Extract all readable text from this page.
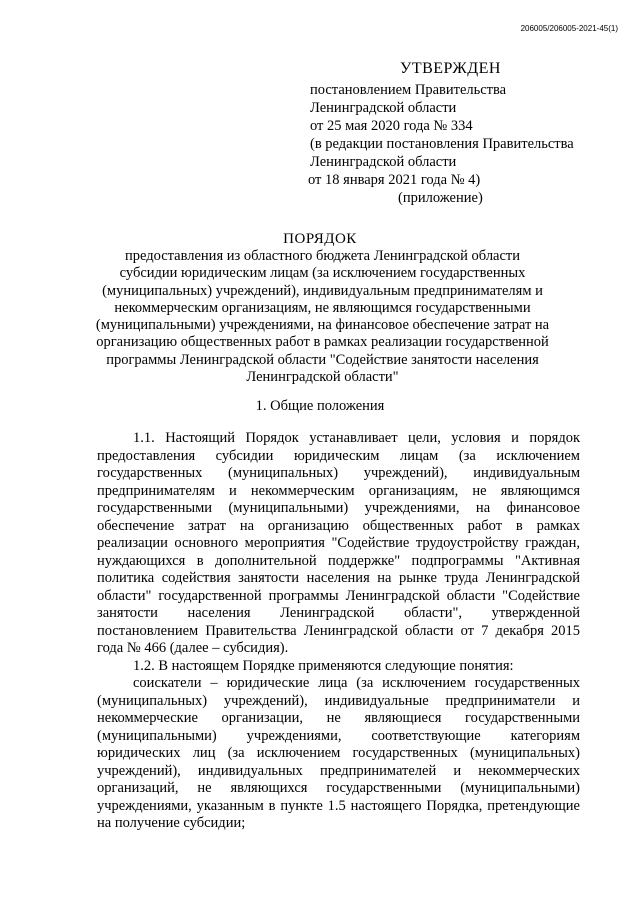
206005/206005-2021-45(1)
УТВЕРЖДЕН
постановлением Правительства
Ленинградской области
от 25 мая 2020 года № 334
(в редакции постановления Правительства
Ленинградской области
от 18 января 2021 года № 4)
(приложение)
ПОРЯДОК
предоставления из областного бюджета Ленинградской области субсидии юридическим лицам (за исключением государственных (муниципальных) учреждений), индивидуальным предпринимателям и некоммерческим организациям, не являющимся государственными (муниципальными) учреждениями, на финансовое обеспечение затрат на организацию общественных работ в рамках реализации государственной программы Ленинградской области "Содействие занятости населения Ленинградской области"
1. Общие положения

1.1. Настоящий Порядок устанавливает цели, условия и порядок предоставления субсидии юридическим лицам (за исключением государственных (муниципальных) учреждений), индивидуальным предпринимателям и некоммерческим организациям, не являющимся государственными (муниципальными) учреждениями, на финансовое обеспечение затрат на организацию общественных работ в рамках реализации основного мероприятия "Содействие трудоустройству граждан, нуждающихся в дополнительной поддержке" подпрограммы "Активная политика содействия занятости населения на рынке труда Ленинградской области" государственной программы Ленинградской области "Содействие занятости населения Ленинградской области", утвержденной постановлением Правительства Ленинградской области от 7 декабря 2015 года № 466 (далее – субсидия).

1.2. В настоящем Порядке применяются следующие понятия:

соискатели – юридические лица (за исключением государственных (муниципальных) учреждений), индивидуальные предприниматели и некоммерческие организации, не являющиеся государственными (муниципальными) учреждениями, соответствующие категориям юридических лиц (за исключением государственных (муниципальных) учреждений), индивидуальных предпринимателей и некоммерческих организаций, не являющихся государственными (муниципальными) учреждениями, указанным в пункте 1.5 настоящего Порядка, претендующие на получение субсидии;
